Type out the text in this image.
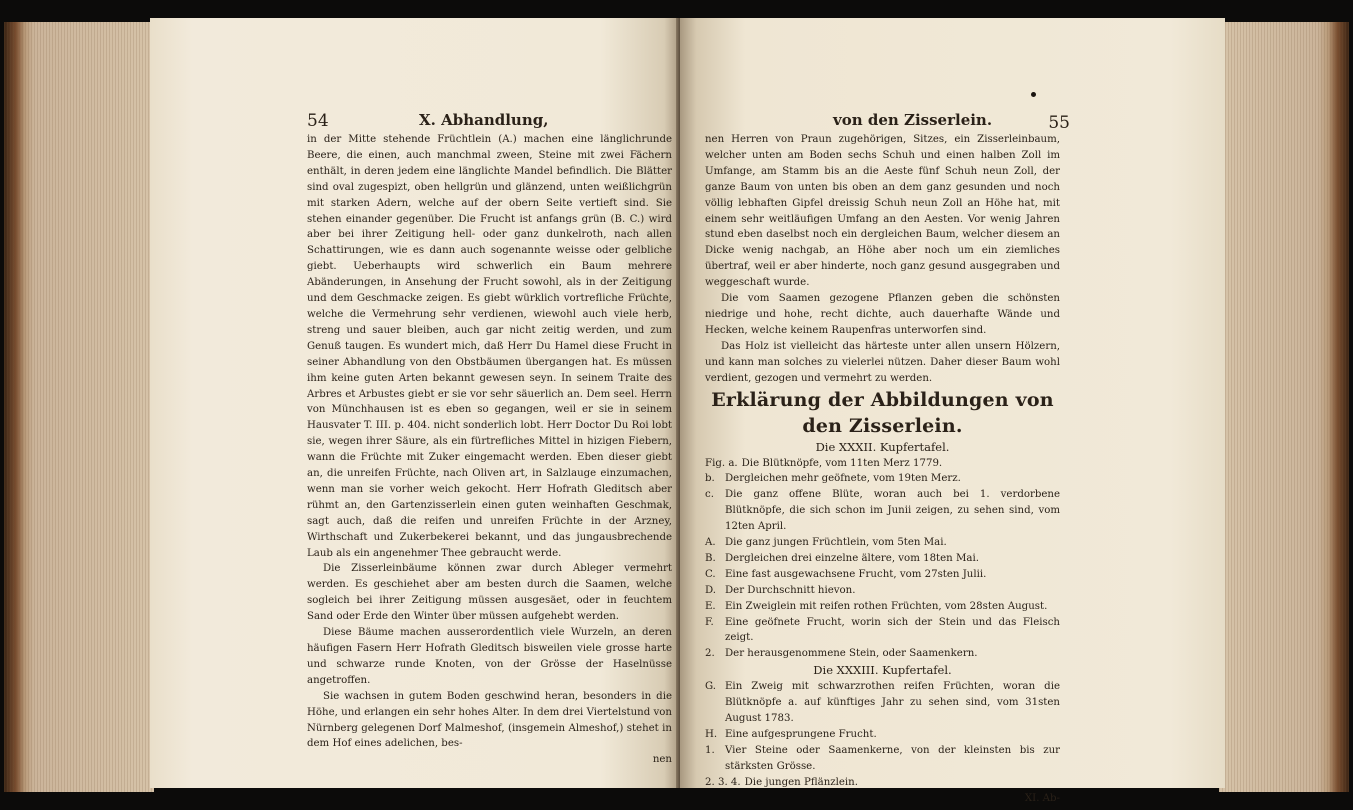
54	X. Abhandlung,

in der Mitte stehende Früchtlein (A.) machen eine länglichrunde Beere, die einen, auch manchmal zween, Steine mit zwei Fächern enthält, in deren jedem eine länglichte Mandel befindlich. Die Blätter sind oval zugespizt, oben hellgrün und glänzend, unten weißlichgrün mit starken Adern, welche auf der obern Seite vertieft sind. Sie stehen einander gegenüber. Die Frucht ist anfangs grün (B. C.) wird aber bei ihrer Zeitigung hell- oder ganz dunkelroth, nach allen Schattirungen, wie es dann auch sogenannte weisse oder gelbliche giebt. Ueberhaupts wird schwerlich ein Baum mehrere Abänderungen, in Ansehung der Frucht sowohl, als in der Zeitigung und dem Geschmacke zeigen. Es giebt würklich vortrefliche Früchte, welche die Vermehrung sehr verdienen, wiewohl auch viele herb, streng und sauer bleiben, auch gar nicht zeitig werden, und zum Genuß taugen. Es wundert mich, daß Herr Du Hamel diese Frucht in seiner Abhandlung von den Obstbäumen übergangen hat. Es müssen ihm keine guten Arten bekannt gewesen seyn. In seinem Traite des Arbres et Arbustes giebt er sie vor sehr säuerlich an. Dem seel. Herrn von Münchhausen ist es eben so gegangen, weil er sie in seinem Hausvater T. III. p. 404. nicht sonderlich lobt. Herr Doctor Du Roi lobt sie, wegen ihrer Säure, als ein fürtrefliches Mittel in hizigen Fiebern, wann die Früchte mit Zuker eingemacht werden. Eben dieser giebt an, die unreifen Früchte, nach Oliven art, in Salzlauge einzumachen, wenn man sie vorher weich gekocht. Herr Hofrath Gleditsch aber rühmt an, den Gartenzisserlein einen guten weinhaften Geschmak, sagt auch, daß die reifen und unreifen Früchte in der Arzney, Wirthschaft und Zukerbekerei bekannt, und das jungausbrechende Laub als ein angenehmer Thee gebraucht werde.

Die Zisserleinbäume können zwar durch Ableger vermehrt werden. Es geschiehet aber am besten durch die Saamen, welche sogleich bei ihrer Zeitigung müssen ausgesäet, oder in feuchtem Sand oder Erde den Winter über müssen aufgehebt werden.

Diese Bäume machen ausserordentlich viele Wurzeln, an deren häufigen Fasern Herr Hofrath Gleditsch bisweilen viele grosse harte und schwarze runde Knoten, von der Grösse der Haselnüsse angetroffen.

Sie wachsen in gutem Boden geschwind heran, besonders in die Höhe, und erlangen ein sehr hohes Alter. In dem drei Viertelstund von Nürnberg gelegenen Dorf Malmeshof, (insgemein Almeshof,) stehet in dem Hof eines adelichen, bes-

nen

von den Zisserlein.	55

nen Herren von Praun zugehörigen, Sitzes, ein Zisserleinbaum, welcher unten am Boden sechs Schuh und einen halben Zoll im Umfange, am Stamm bis an die Aeste fünf Schuh neun Zoll, der ganze Baum von unten bis oben an dem ganz gesunden und noch völlig lebhaften Gipfel dreissig Schuh neun Zoll an Höhe hat, mit einem sehr weitläufigen Umfang an den Aesten. Vor wenig Jahren stund eben daselbst noch ein dergleichen Baum, welcher diesem an Dicke wenig nachgab, an Höhe aber noch um ein ziemliches übertraf, weil er aber hinderte, noch ganz gesund ausgegraben und weggeschaft wurde.

Die vom Saamen gezogene Pflanzen geben die schönsten niedrige und hohe, recht dichte, auch dauerhafte Wände und Hecken, welche keinem Raupenfras unterworfen sind.

Das Holz ist vielleicht das härteste unter allen unsern Hölzern, und kann man solches zu vielerlei nützen. Daher dieser Baum wohl verdient, gezogen und vermehrt zu werden.

Erklärung der Abbildungen von den Zisserlein.
Die XXXII. Kupfertafel.
Fig. a. Die Blütknöpfe, vom 11ten Merz 1779.
b.	Dergleichen mehr geöfnete, vom 19ten Merz.
c.	Die ganz offene Blüte, woran auch bei 1. verdorbene Blütknöpfe, die sich schon im Junii zeigen, zu sehen sind, vom 12ten April.
A. Die ganz jungen Früchtlein, vom 5ten Mai.
B. Dergleichen drei einzelne ältere, vom 18ten Mai.
C. Eine fast ausgewachsene Frucht, vom 27sten Julii.
D. Der Durchschnitt hievon.
E. Ein Zweiglein mit reifen rothen Früchten, vom 28sten August.
F.	Eine geöfnete Frucht, worin sich der Stein und das Fleisch zeigt.
2.	Der herausgenommene Stein, oder Saamenkern.
Die XXXIII. Kupfertafel.
G. Ein Zweig mit schwarzrothen reifen Früchten, woran die Blütknöpfe a. auf künftiges Jahr zu sehen sind, vom 31sten August 1783.
H. Eine aufgesprungene Frucht.
1.	Vier Steine oder Saamenkerne, von der kleinsten bis zur stärksten Grösse.
2. 3. 4. Die jungen Pflänzlein.

XI. Ab-
